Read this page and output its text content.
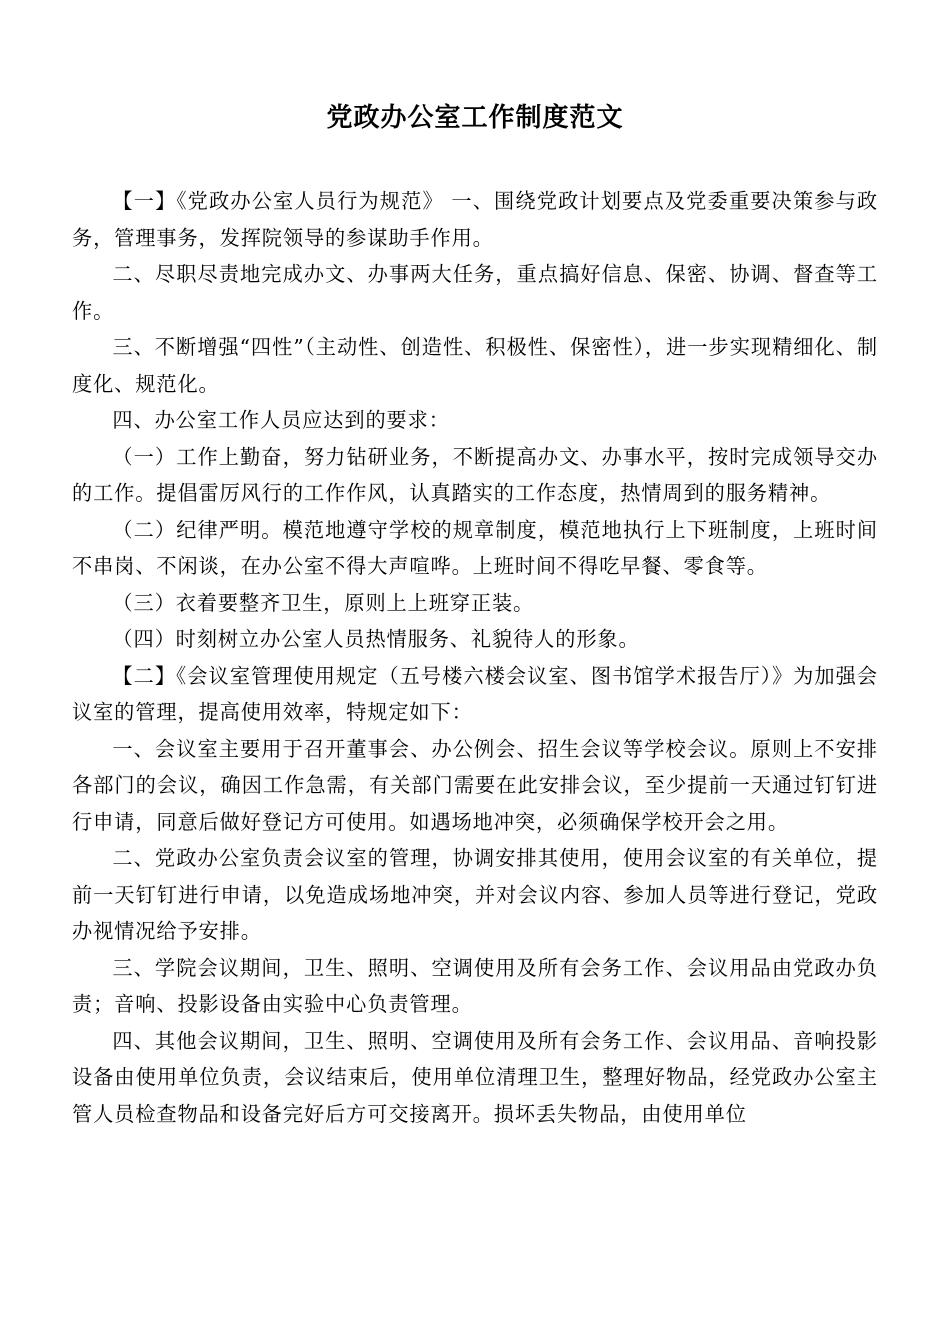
党政办公室工作制度范文

【一】《党政办公室人员行为规范》 一、围绕党政计划要点及党委重要决策参与政务，管理事务，发挥院领导的参谋助手作用。

二、尽职尽责地完成办文、办事两大任务，重点搞好信息、保密、协调、督查等工作。

三、不断增强“四性”（主动性、创造性、积极性、保密性），进一步实现精细化、制度化、规范化。

四、办公室工作人员应达到的要求：

（一）工作上勤奋，努力钻研业务，不断提高办文、办事水平，按时完成领导交办的工作。提倡雷厉风行的工作作风，认真踏实的工作态度，热情周到的服务精神。

（二）纪律严明。模范地遵守学校的规章制度，模范地执行上下班制度，上班时间不串岗、不闲谈，在办公室不得大声喧哗。上班时间不得吃早餐、零食等。

（三）衣着要整齐卫生，原则上上班穿正装。

（四）时刻树立办公室人员热情服务、礼貌待人的形象。

【二】《会议室管理使用规定（五号楼六楼会议室、图书馆学术报告厅）》为加强会议室的管理，提高使用效率，特规定如下：

一、会议室主要用于召开董事会、办公例会、招生会议等学校会议。原则上不安排各部门的会议，确因工作急需，有关部门需要在此安排会议，至少提前一天通过钉钉进行申请，同意后做好登记方可使用。如遇场地冲突，必须确保学校开会之用。

二、党政办公室负责会议室的管理，协调安排其使用，使用会议室的有关单位，提前一天钉钉进行申请，以免造成场地冲突，并对会议内容、参加人员等进行登记，党政办视情况给予安排。

三、学院会议期间，卫生、照明、空调使用及所有会务工作、会议用品由党政办负责；音响、投影设备由实验中心负责管理。

四、其他会议期间，卫生、照明、空调使用及所有会务工作、会议用品、音响投影设备由使用单位负责，会议结束后，使用单位清理卫生，整理好物品，经党政办公室主管人员检查物品和设备完好后方可交接离开。损坏丢失物品，由使用单位
